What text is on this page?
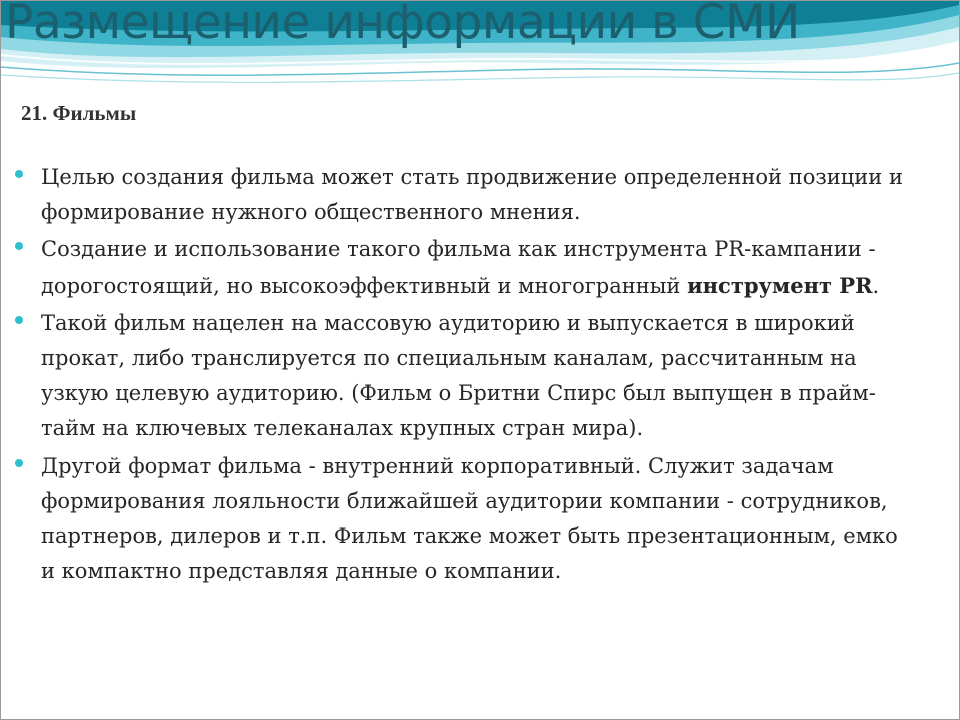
Размещение информации в СМИ
21. Фильмы
Целью создания фильма может стать продвижение определенной позиции и формирование нужного общественного мнения.
Создание и использование такого фильма как инструмента PR-кампании - дорогостоящий, но высокоэффективный и многогранный инструмент PR.
Такой фильм нацелен на массовую аудиторию и выпускается в широкий прокат, либо транслируется по специальным каналам, рассчитанным на узкую целевую аудиторию. (Фильм о Бритни Спирс был выпущен в прайм-тайм на ключевых телеканалах крупных стран мира).
Другой формат фильма - внутренний корпоративный. Служит задачам формирования лояльности ближайшей аудитории компании - сотрудников, партнеров, дилеров и т.п. Фильм также может быть презентационным, емко и компактно представляя данные о компании.
